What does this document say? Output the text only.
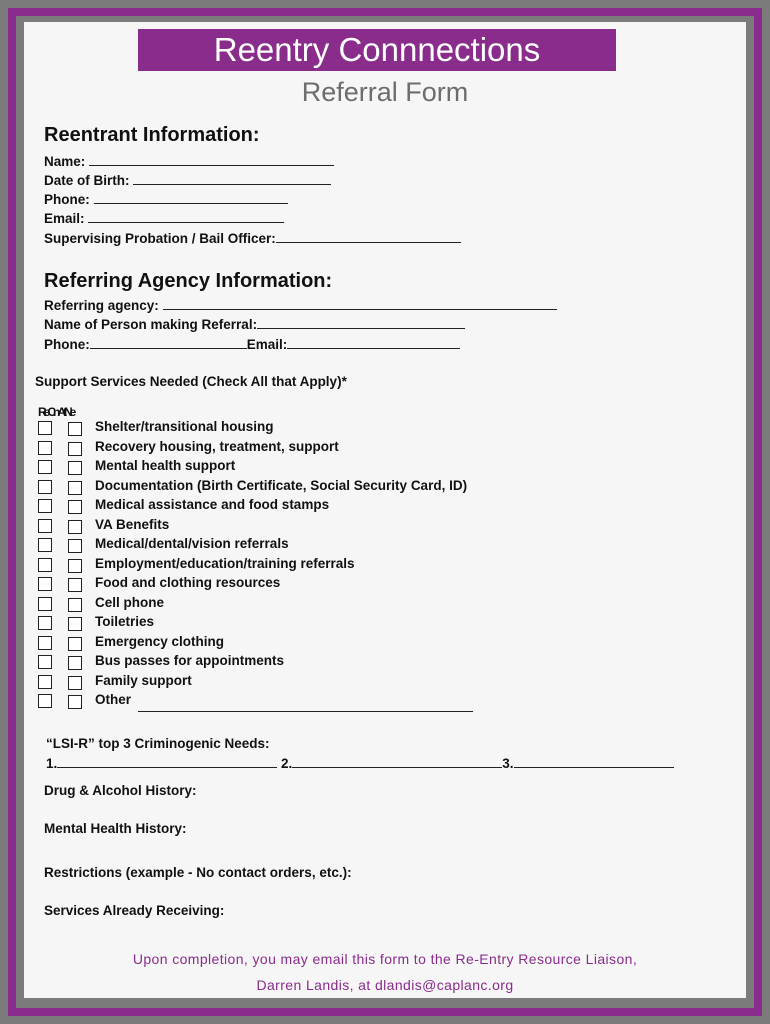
Reentry Connnections
Referral Form
Reentrant Information:
Name:
Date of Birth:
Phone:
Email:
Supervising Probation / Bail Officer:
Referring Agency Information:
Referring agency:
Name of Person making Referral:
Phone:	Email:
Support Services Needed (Check All that Apply)*
ReCnAtNe
Shelter/transitional housing
Recovery housing, treatment, support
Mental health support
Documentation (Birth Certificate, Social Security Card, ID)
Medical assistance and food stamps
VA Benefits
Medical/dental/vision referrals
Employment/education/training referrals
Food and clothing resources
Cell phone
Toiletries
Emergency clothing
Bus passes for appointments
Family support
Other
“LSI-R” top 3 Criminogenic Needs:
1.	2.	3.
Drug & Alcohol History:
Mental Health History:
Restrictions (example - No contact orders, etc.):
Services Already Receiving:
Upon completion, you may email this form to the Re-Entry Resource Liaison,
Darren Landis, at dlandis@caplanc.org
